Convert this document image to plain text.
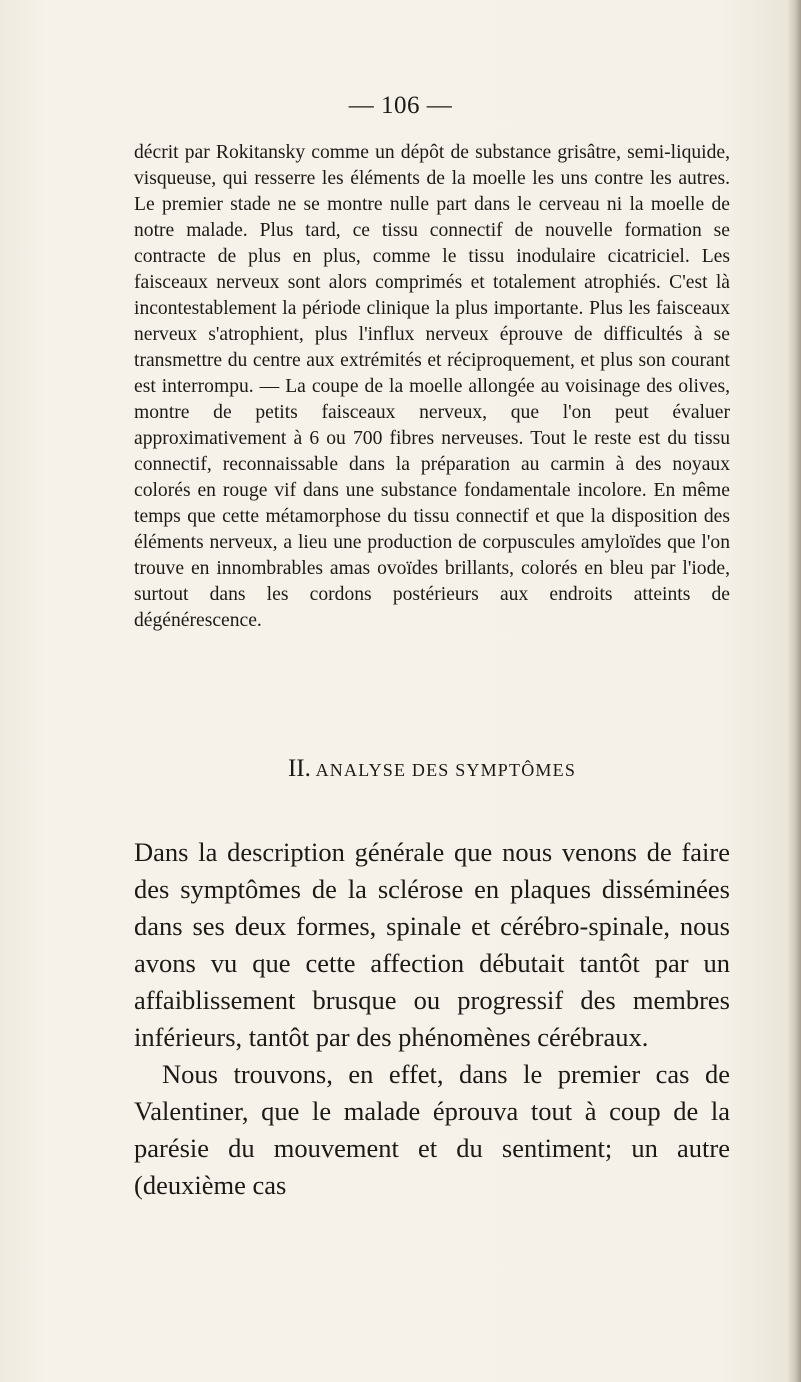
— 106 —

décrit par Rokitansky comme un dépôt de substance grisâtre, semi-liquide, visqueuse, qui resserre les éléments de la moelle les uns contre les autres. Le premier stade ne se montre nulle part dans le cerveau ni la moelle de notre malade. Plus tard, ce tissu connectif de nouvelle formation se contracte de plus en plus, comme le tissu inodulaire cicatriciel. Les faisceaux nerveux sont alors comprimés et totalement atrophiés. C'est là incontestablement la période clinique la plus importante. Plus les faisceaux nerveux s'atrophient, plus l'influx nerveux éprouve de difficultés à se transmettre du centre aux extrémités et réciproquement, et plus son courant est interrompu. — La coupe de la moelle allongée au voisinage des olives, montre de petits faisceaux nerveux, que l'on peut évaluer approximativement à 6 ou 700 fibres nerveuses. Tout le reste est du tissu connectif, reconnaissable dans la préparation au carmin à des noyaux colorés en rouge vif dans une substance fondamentale incolore. En même temps que cette métamorphose du tissu connectif et que la disposition des éléments nerveux, a lieu une production de corpuscules amyloïdes que l'on trouve en innombrables amas ovoïdes brillants, colorés en bleu par l'iode, surtout dans les cordons postérieurs aux endroits atteints de dégénérescence.

II. ANALYSE DES SYMPTÔMES

Dans la description générale que nous venons de faire des symptômes de la sclérose en plaques disséminées dans ses deux formes, spinale et cérébro-spinale, nous avons vu que cette affection débutait tantôt par un affaiblissement brusque ou progressif des membres inférieurs, tantôt par des phénomènes cérébraux.

Nous trouvons, en effet, dans le premier cas de Valentiner, que le malade éprouva tout à coup de la parésie du mouvement et du sentiment; un autre (deuxième cas
